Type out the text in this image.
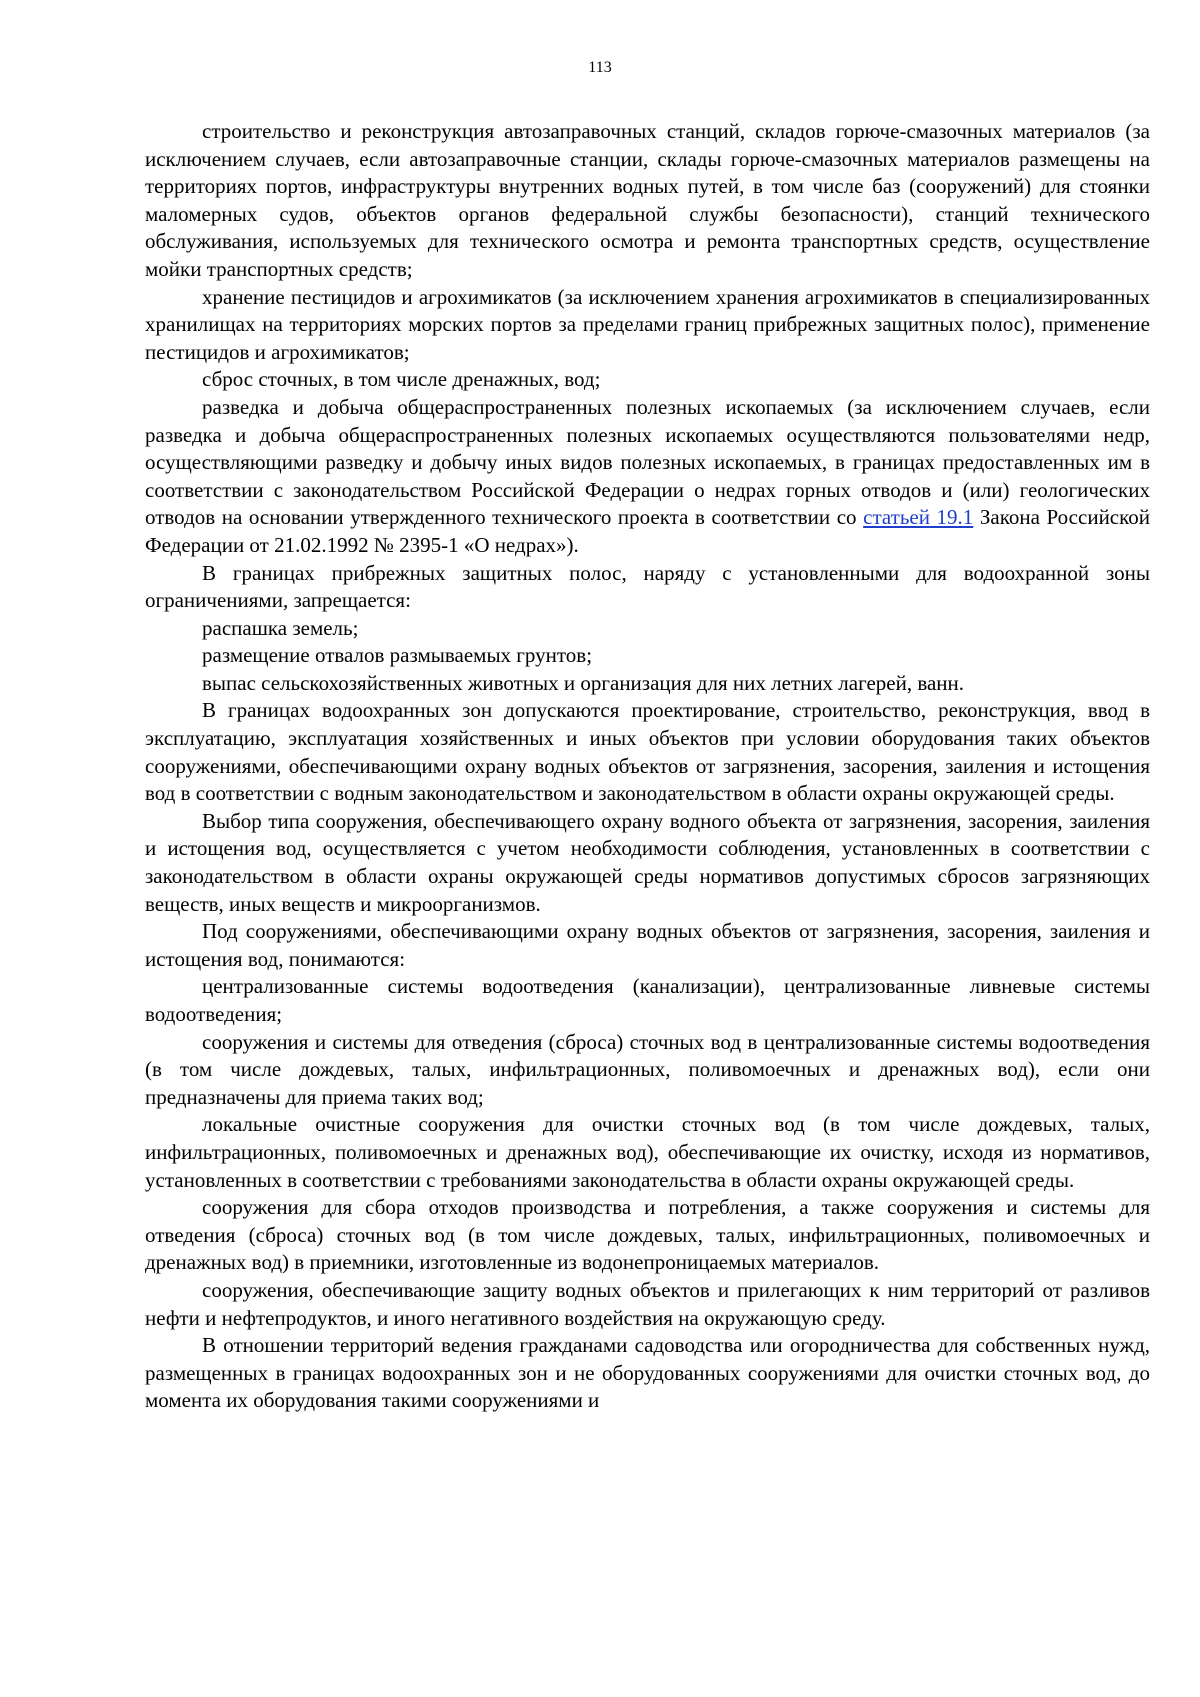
113

строительство и реконструкция автозаправочных станций, складов горюче-смазочных материалов (за исключением случаев, если автозаправочные станции, склады горюче-смазочных материалов размещены на территориях портов, инфраструктуры внутренних водных путей, в том числе баз (сооружений) для стоянки маломерных судов, объектов органов федеральной службы безопасности), станций технического обслуживания, используемых для технического осмотра и ремонта транспортных средств, осуществление мойки транспортных средств;

хранение пестицидов и агрохимикатов (за исключением хранения агрохимикатов в специализированных хранилищах на территориях морских портов за пределами границ прибрежных защитных полос), применение пестицидов и агрохимикатов;

сброс сточных, в том числе дренажных, вод;

разведка и добыча общераспространенных полезных ископаемых (за исключением случаев, если разведка и добыча общераспространенных полезных ископаемых осуществляются пользователями недр, осуществляющими разведку и добычу иных видов полезных ископаемых, в границах предоставленных им в соответствии с законодательством Российской Федерации о недрах горных отводов и (или) геологических отводов на основании утвержденного технического проекта в соответствии со статьей 19.1 Закона Российской Федерации от 21.02.1992 № 2395-1 «О недрах»).

В границах прибрежных защитных полос, наряду с установленными для водоохранной зоны ограничениями, запрещается:

распашка земель;

размещение отвалов размываемых грунтов;

выпас сельскохозяйственных животных и организация для них летних лагерей, ванн.

В границах водоохранных зон допускаются проектирование, строительство, реконструкция, ввод в эксплуатацию, эксплуатация хозяйственных и иных объектов при условии оборудования таких объектов сооружениями, обеспечивающими охрану водных объектов от загрязнения, засорения, заиления и истощения вод в соответствии с водным законодательством и законодательством в области охраны окружающей среды.

Выбор типа сооружения, обеспечивающего охрану водного объекта от загрязнения, засорения, заиления и истощения вод, осуществляется с учетом необходимости соблюдения, установленных в соответствии с законодательством в области охраны окружающей среды нормативов допустимых сбросов загрязняющих веществ, иных веществ и микроорганизмов.

Под сооружениями, обеспечивающими охрану водных объектов от загрязнения, засорения, заиления и истощения вод, понимаются:

централизованные системы водоотведения (канализации), централизованные ливневые системы водоотведения;

сооружения и системы для отведения (сброса) сточных вод в централизованные системы водоотведения (в том числе дождевых, талых, инфильтрационных, поливомоечных и дренажных вод), если они предназначены для приема таких вод;

локальные очистные сооружения для очистки сточных вод (в том числе дождевых, талых, инфильтрационных, поливомоечных и дренажных вод), обеспечивающие их очистку, исходя из нормативов, установленных в соответствии с требованиями законодательства в области охраны окружающей среды.

сооружения для сбора отходов производства и потребления, а также сооружения и системы для отведения (сброса) сточных вод (в том числе дождевых, талых, инфильтрационных, поливомоечных и дренажных вод) в приемники, изготовленные из водонепроницаемых материалов.

сооружения, обеспечивающие защиту водных объектов и прилегающих к ним территорий от разливов нефти и нефтепродуктов, и иного негативного воздействия на окружающую среду.

В отношении территорий ведения гражданами садоводства или огородничества для собственных нужд, размещенных в границах водоохранных зон и не оборудованных сооружениями для очистки сточных вод, до момента их оборудования такими сооружениями и
